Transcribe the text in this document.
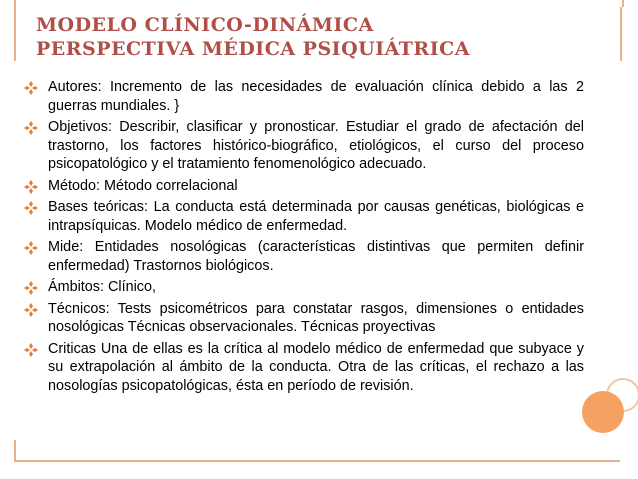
MODELO CLÍNICO-DINÁMICA
PERSPECTIVA MÉDICA PSIQUIÁTRICA
Autores: Incremento de las necesidades de evaluación clínica debido a las 2 guerras mundiales. }
Objetivos: Describir, clasificar y pronosticar. Estudiar el grado de afectación del trastorno, los factores histórico-biográfico, etiológicos, el curso del proceso psicopatológico y el tratamiento fenomenológico adecuado.
Método: Método correlacional
Bases teóricas: La conducta está determinada por causas genéticas, biológicas e intrapsíquicas. Modelo médico de enfermedad.
Mide: Entidades nosológicas (características distintivas que permiten definir enfermedad) Trastornos biológicos.
Ámbitos: Clínico,
Técnicos: Tests psicométricos para constatar rasgos, dimensiones o entidades nosológicas Técnicas observacionales. Técnicas proyectivas
Criticas Una de ellas es la crítica al modelo médico de enfermedad que subyace y su extrapolación al ámbito de la conducta. Otra de las críticas, el rechazo a las nosologías psicopatológicas, ésta en período de revisión.
